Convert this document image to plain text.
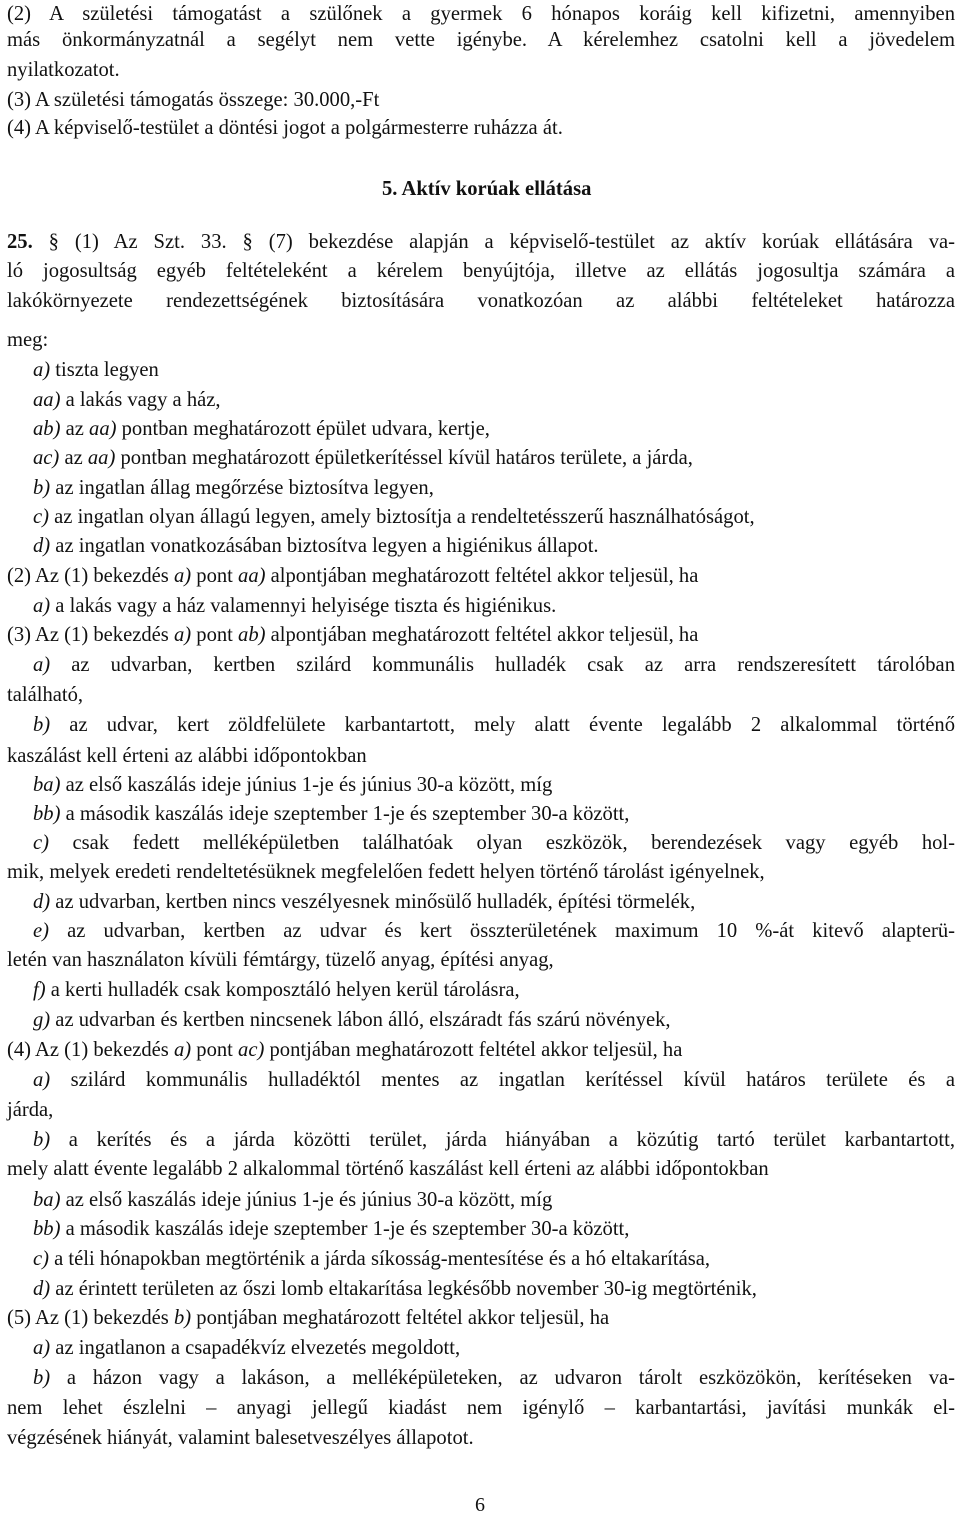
(2) A születési támogatást a szülőnek a gyermek 6 hónapos koráig kell kifizetni, amennyiben
más önkormányzatnál a segélyt nem vette igénybe. A kérelemhez csatolni kell a jövedelem
nyilatkozatot.
(3) A születési támogatás összege: 30.000,-Ft
(4) A képviselő-testület a döntési jogot a polgármesterre ruházza át.
5. Aktív korúak ellátása
25. § (1) Az Szt. 33. § (7) bekezdése alapján a képviselő-testület az aktív korúak ellátására va-
ló jogosultság egyéb feltételeként a kérelem benyújtója, illetve az ellátás jogosultja számára a
lakókörnyezete rendezettségének biztosítására vonatkozóan az alábbi feltételeket határozza
meg:
a) tiszta legyen
aa) a lakás vagy a ház,
ab) az aa) pontban meghatározott épület udvara, kertje,
ac) az aa) pontban meghatározott épületkerítéssel kívül határos területe, a járda,
b) az ingatlan állag megőrzése biztosítva legyen,
c) az ingatlan olyan állagú legyen, amely biztosítja a rendeltetésszerű használhatóságot,
d) az ingatlan vonatkozásában biztosítva legyen a higiénikus állapot.
(2) Az (1) bekezdés a) pont aa) alpontjában meghatározott feltétel akkor teljesül, ha
a) a lakás vagy a ház valamennyi helyisége tiszta és higiénikus.
(3) Az (1) bekezdés a) pont ab) alpontjában meghatározott feltétel akkor teljesül, ha
a) az udvarban, kertben szilárd kommunális hulladék csak az arra rendszeresített tárolóban
található,
b) az udvar, kert zöldfelülete karbantartott, mely alatt évente legalább 2 alkalommal történő
kaszálást kell érteni az alábbi időpontokban
ba) az első kaszálás ideje június 1-je és június 30-a között, míg
bb) a második kaszálás ideje szeptember 1-je és szeptember 30-a között,
c) csak fedett melléképületben találhatóak olyan eszközök, berendezések vagy egyéb hol-
mik, melyek eredeti rendeltetésüknek megfelelően fedett helyen történő tárolást igényelnek,
d) az udvarban, kertben nincs veszélyesnek minősülő hulladék, építési törmelék,
e) az udvarban, kertben az udvar és kert összterületének maximum 10 %-át kitevő alapterü-
letén van használaton kívüli fémtárgy, tüzelő anyag, építési anyag,
f) a kerti hulladék csak komposztáló helyen kerül tárolásra,
g) az udvarban és kertben nincsenek lábon álló, elszáradt fás szárú növények,
(4) Az (1) bekezdés a) pont ac) pontjában meghatározott feltétel akkor teljesül, ha
a) szilárd kommunális hulladéktól mentes az ingatlan kerítéssel kívül határos területe és a
járda,
b) a kerítés és a járda közötti terület, járda hiányában a közútig tartó terület karbantartott,
mely alatt évente legalább 2 alkalommal történő kaszálást kell érteni az alábbi időpontokban
ba) az első kaszálás ideje június 1-je és június 30-a között, míg
bb) a második kaszálás ideje szeptember 1-je és szeptember 30-a között,
c) a téli hónapokban megtörténik a járda síkosság-mentesítése és a hó eltakarítása,
d) az érintett területen az őszi lomb eltakarítása legkésőbb november 30-ig megtörténik,
(5) Az (1) bekezdés b) pontjában meghatározott feltétel akkor teljesül, ha
a) az ingatlanon a csapadékvíz elvezetés megoldott,
b) a házon vagy a lakáson, a melléképületeken, az udvaron tárolt eszközökön, kerítéseken va-
nem lehet észlelni – anyagi jellegű kiadást nem igénylő – karbantartási, javítási munkák el-
végzésének hiányát, valamint balesetveszélyes állapotot.
6
